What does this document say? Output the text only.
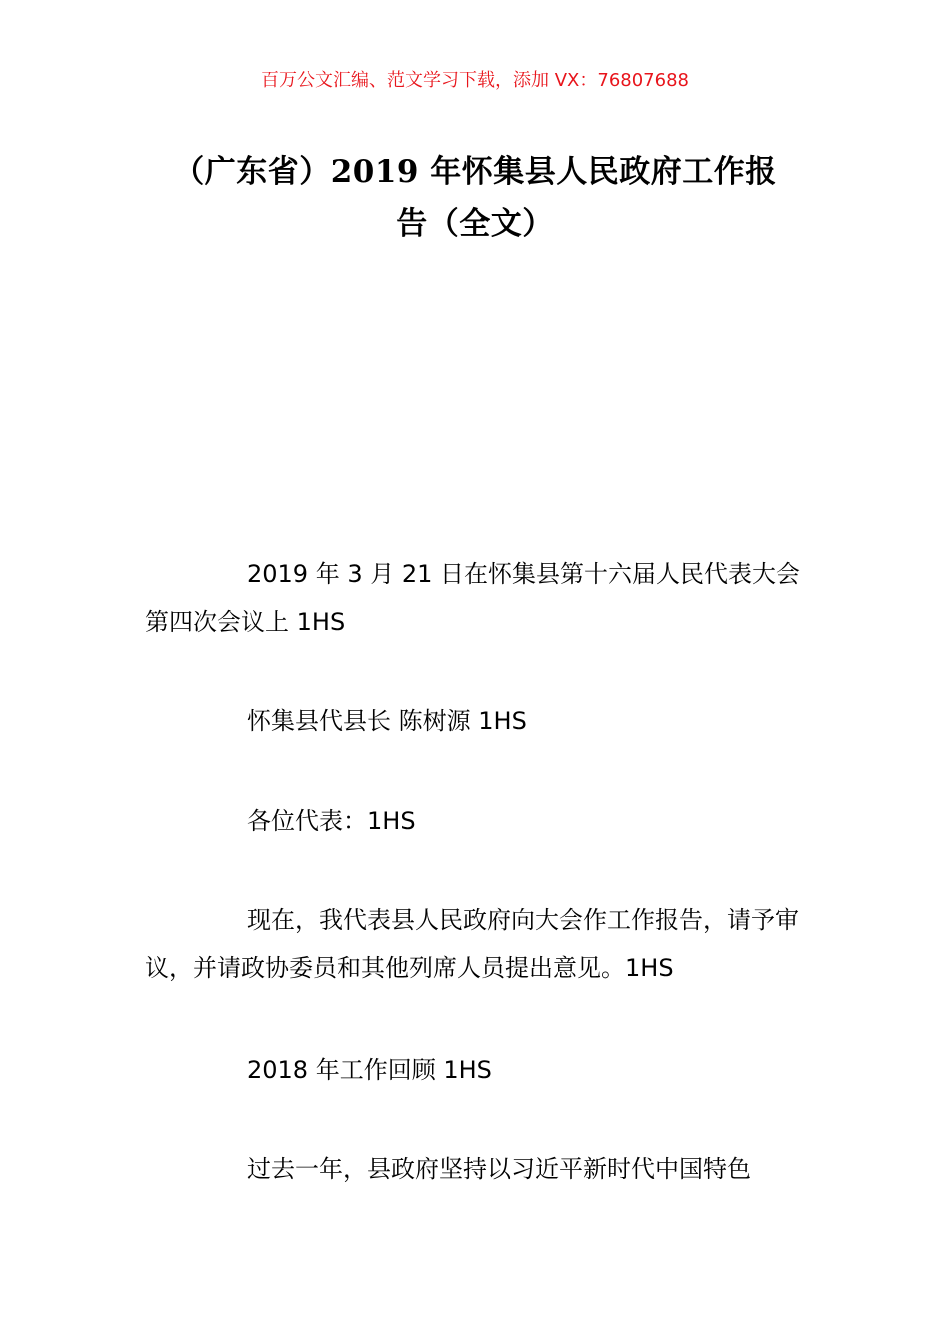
百万公文汇编、范文学习下载，添加 VX：76807688
（广东省）2019 年怀集县人民政府工作报
告（全文）

2019 年 3 月 21 日在怀集县第十六届人民代表大会第四次会议上 1HS

怀集县代县长 陈树源 1HS

各位代表：1HS

现在，我代表县人民政府向大会作工作报告，请予审议，并请政协委员和其他列席人员提出意见。1HS

2018 年工作回顾 1HS

过去一年，县政府坚持以习近平新时代中国特色
